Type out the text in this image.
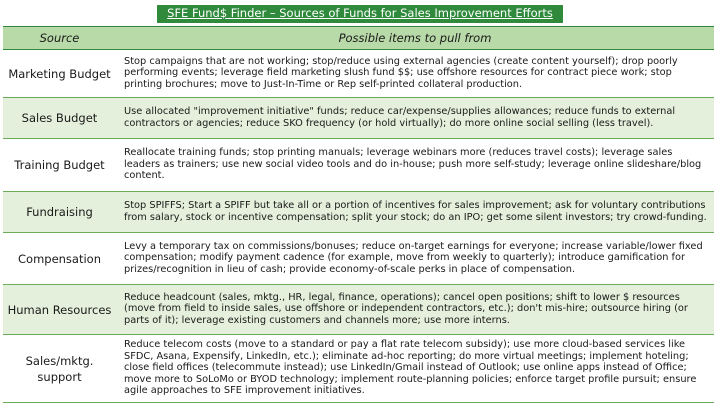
SFE Fund$ Finder – Sources of Funds for Sales Improvement Efforts
Source	Possible items to pull from
Marketing Budget	Stop campaigns that are not working; stop/reduce using external agencies (create content yourself); drop poorly performing events; leverage field marketing slush fund $$; use offshore resources for contract piece work; stop printing brochures; move to Just-In-Time or Rep self-printed collateral production.
Sales Budget	Use allocated "improvement initiative" funds; reduce car/expense/supplies allowances; reduce funds to external contractors or agencies; reduce SKO frequency (or hold virtually); do more online social selling (less travel).
Training Budget	Reallocate training funds; stop printing manuals; leverage webinars more (reduces travel costs); leverage sales leaders as trainers; use new social video tools and do in-house; push more self-study; leverage online slideshare/blog content.
Fundraising	Stop SPIFFS; Start a SPIFF but take all or a portion of incentives for sales improvement; ask for voluntary contributions from salary, stock or incentive compensation; split your stock; do an IPO; get some silent investors; try crowd-funding.
Compensation	Levy a temporary tax on commissions/bonuses; reduce on-target earnings for everyone; increase variable/lower fixed compensation; modify payment cadence (for example, move from weekly to quarterly); introduce gamification for prizes/recognition in lieu of cash; provide economy-of-scale perks in place of compensation.
Human Resources	Reduce headcount (sales, mktg., HR, legal, finance, operations); cancel open positions; shift to lower $ resources (move from field to inside sales, use offshore or independent contractors, etc.); don't mis-hire; outsource hiring (or parts of it); leverage existing customers and channels more; use more interns.
Sales/mktg. support	Reduce telecom costs (move to a standard or pay a flat rate telecom subsidy); use more cloud-based services like SFDC, Asana, Expensify, LinkedIn, etc.); eliminate ad-hoc reporting; do more virtual meetings; implement hoteling; close field offices (telecommute instead); use LinkedIn/Gmail instead of Outlook; use online apps instead of Office; move more to SoLoMo or BYOD technology; implement route-planning policies; enforce target profile pursuit; ensure agile approaches to SFE improvement initiatives.
